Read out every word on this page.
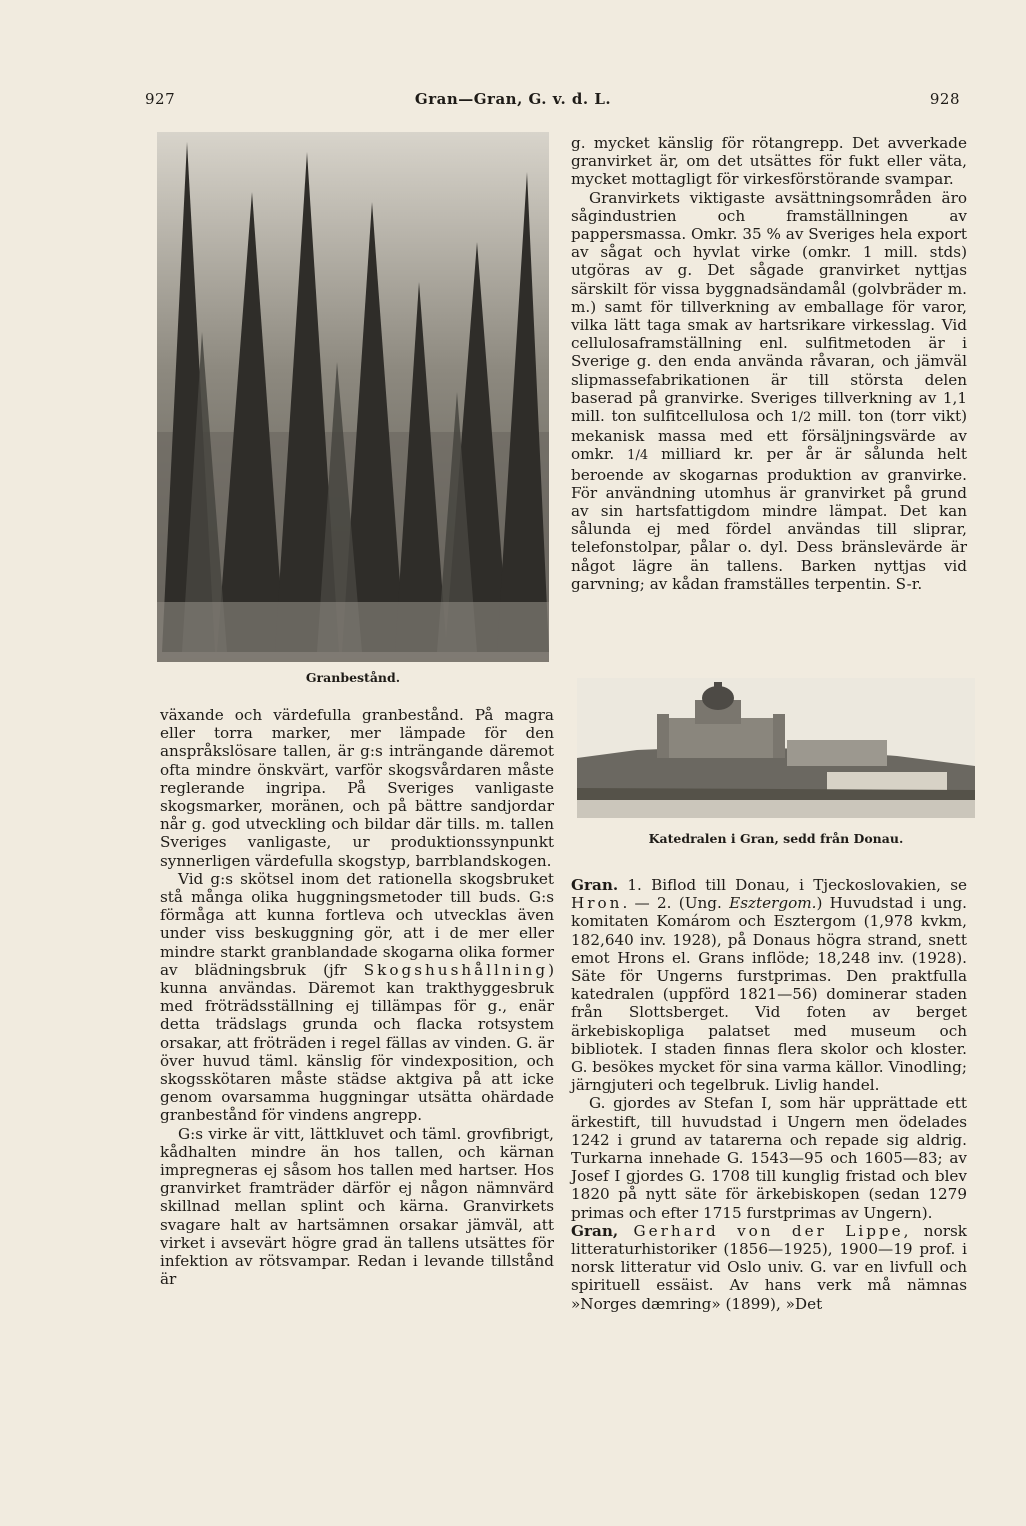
927	Gran—Gran, G. v. d. L.	928
Granbestånd.

växande och värdefulla granbestånd. På magra eller torra marker, mer lämpade för den anspråkslösare tallen, är g:s inträngande däremot ofta mindre önskvärt, varför skogsvårdaren måste reglerande ingripa. På Sveriges vanligaste skogsmarker, moränen, och på bättre sandjordar når g. god utveckling och bildar där tills. m. tallen Sveriges vanligaste, ur produktionssynpunkt synnerligen värdefulla skogstyp, barrblandskogen.

Vid g:s skötsel inom det rationella skogsbruket stå många olika huggningsmetoder till buds. G:s förmåga att kunna fortleva och utvecklas även under viss beskuggning gör, att i de mer eller mindre starkt granblandade skogarna olika former av blädningsbruk (jfr Skogshushållning) kunna användas. Däremot kan trakthyggesbruk med fröträdsställning ej tillämpas för g., enär detta trädslags grunda och flacka rotsystem orsakar, att fröträden i regel fällas av vinden. G. är över huvud täml. känslig för vindexposition, och skogsskötaren måste städse aktgiva på att icke genom ovarsamma huggningar utsätta ohärdade granbestånd för vindens angrepp.

G:s virke är vitt, lättkluvet och täml. grovfibrigt, kådhalten mindre än hos tallen, och kärnan impregneras ej såsom hos tallen med hartser. Hos granvirket framträder därför ej någon nämnvärd skillnad mellan splint och kärna. Granvirkets svagare halt av hartsämnen orsakar jämväl, att virket i avsevärt högre grad än tallens utsättes för infektion av rötsvampar. Redan i levande tillstånd är

g. mycket känslig för rötangrepp. Det avverkade granvirket är, om det utsättes för fukt eller väta, mycket mottagligt för virkesförstörande svampar.

Granvirkets viktigaste avsättningsområden äro sågindustrien och framställningen av pappersmassa. Omkr. 35 % av Sveriges hela export av sågat och hyvlat virke (omkr. 1 mill. stds) utgöras av g. Det sågade granvirket nyttjas särskilt för vissa byggnadsändamål (golvbräder m. m.) samt för tillverkning av emballage för varor, vilka lätt taga smak av hartsrikare virkesslag. Vid cellulosaframställning enl. sulfitmetoden är i Sverige g. den enda använda råvaran, och jämväl slipmassefabrikationen är till största delen baserad på granvirke. Sveriges tillverkning av 1,1 mill. ton sulfitcellulosa och 1/2 mill. ton (torr vikt) mekanisk massa med ett försäljningsvärde av omkr. 1/4 milliard kr. per år är sålunda helt beroende av skogarnas produktion av granvirke. För användning utomhus är granvirket på grund av sin hartsfattigdom mindre lämpat. Det kan sålunda ej med fördel användas till sliprar, telefonstolpar, pålar o. dyl. Dess bränslevärde är något lägre än tallens. Barken nyttjas vid garvning; av kådan framställes terpentin. S-r.

Katedralen i Gran, sedd från Donau.

Gran. 1. Biflod till Donau, i Tjeckoslovakien, se Hron. — 2. (Ung. Esztergom.) Huvudstad i ung. komitaten Komárom och Esztergom (1,978 kvkm, 182,640 inv. 1928), på Donaus högra strand, snett emot Hrons el. Grans inflöde; 18,248 inv. (1928). Säte för Ungerns furstprimas. Den praktfulla katedralen (uppförd 1821—56) dominerar staden från Slottsberget. Vid foten av berget ärkebiskopliga palatset med museum och bibliotek. I staden finnas flera skolor och kloster. G. besökes mycket för sina varma källor. Vinodling; järngjuteri och tegelbruk. Livlig handel.

G. gjordes av Stefan I, som här upprättade ett ärkestift, till huvudstad i Ungern men ödelades 1242 i grund av tatarerna och repade sig aldrig. Turkarna innehade G. 1543—95 och 1605—83; av Josef I gjordes G. 1708 till kunglig fristad och blev 1820 på nytt säte för ärkebiskopen (sedan 1279 primas och efter 1715 furstprimas av Ungern).

Gran, Gerhard von der Lippe, norsk litteraturhistoriker (1856—1925), 1900—19 prof. i norsk litteratur vid Oslo univ. G. var en livfull och spirituell essäist. Av hans verk må nämnas »Norges dæmring» (1899), »Det
